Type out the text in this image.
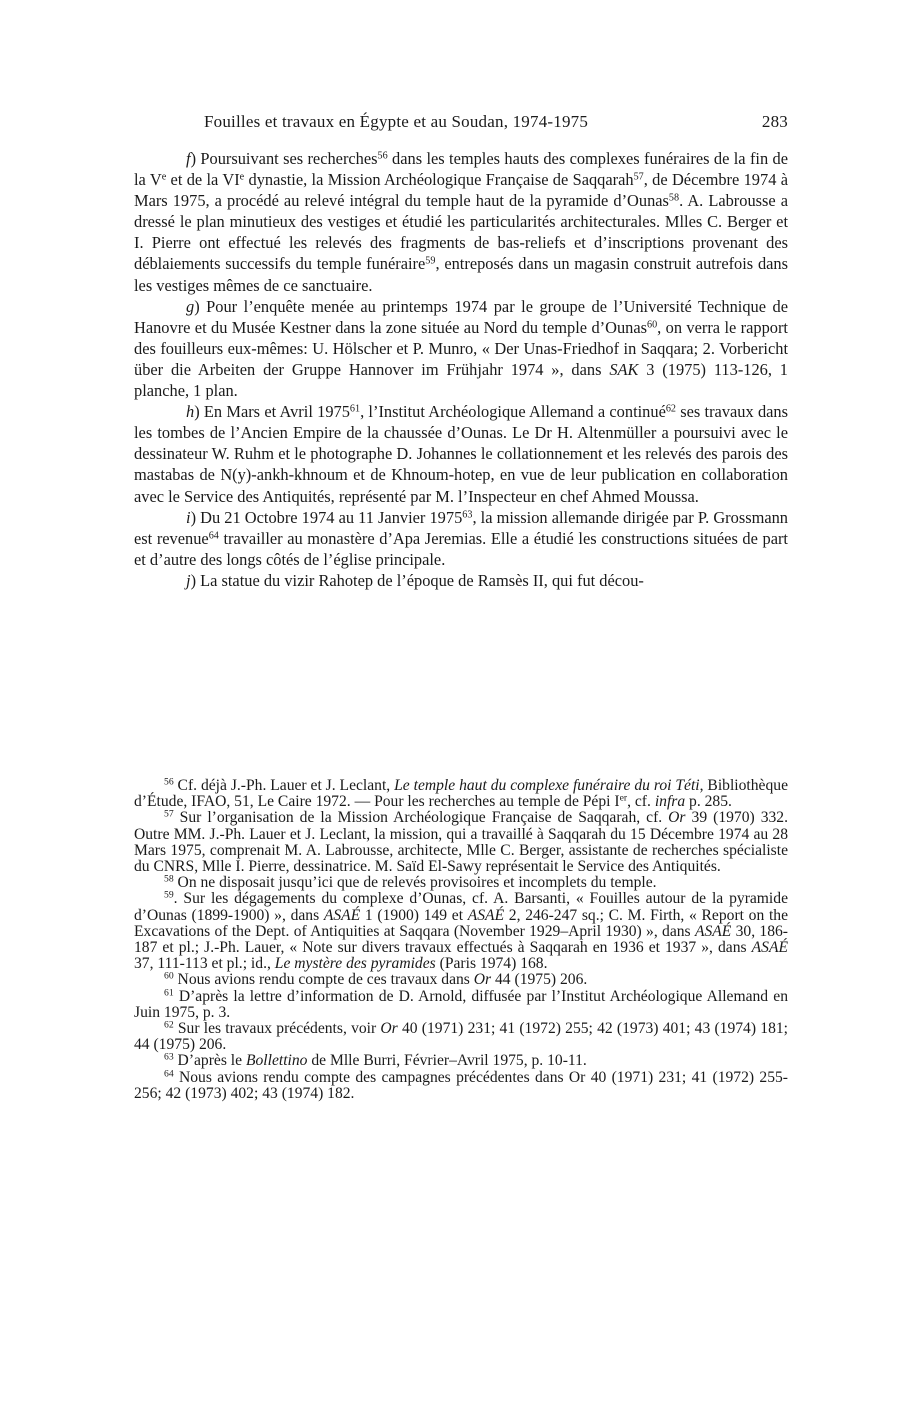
Fouilles et travaux en Égypte et au Soudan, 1974-1975	283

f) Poursuivant ses recherches$^{56}$ dans les temples hauts des complexes funéraires de la fin de la Ve et de la VIe dynastie, la Mission Archéologique Française de Saqqarah$^{57}$, de Décembre 1974 à Mars 1975, a procédé au relevé intégral du temple haut de la pyramide d’Ounas$^{58}$. A. Labrousse a dressé le plan minutieux des vestiges et étudié les particularités architecturales. Mlles C. Berger et I. Pierre ont effectué les relevés des fragments de bas-reliefs et d’inscriptions provenant des déblaiements successifs du temple funéraire$^{59}$, entreposés dans un magasin construit autrefois dans les vestiges mêmes de ce sanctuaire.

g) Pour l’enquête menée au printemps 1974 par le groupe de l’Université Technique de Hanovre et du Musée Kestner dans la zone située au Nord du temple d’Ounas$^{60}$, on verra le rapport des fouilleurs eux-mêmes: U. Hölscher et P. Munro, « Der Unas-Friedhof in Saqqara; 2. Vorbericht über die Arbeiten der Gruppe Hannover im Frühjahr 1974 », dans SAK 3 (1975) 113-126, 1 planche, 1 plan.

h) En Mars et Avril 1975$^{61}$, l’Institut Archéologique Allemand a continué$^{62}$ ses travaux dans les tombes de l’Ancien Empire de la chaussée d’Ounas. Le Dr H. Altenmüller a poursuivi avec le dessinateur W. Ruhm et le photographe D. Johannes le collationnement et les relevés des parois des mastabas de N(y)-ankh-khnoum et de Khnoum-hotep, en vue de leur publication en collaboration avec le Service des Antiquités, représenté par M. l’Inspecteur en chef Ahmed Moussa.

i) Du 21 Octobre 1974 au 11 Janvier 1975$^{63}$, la mission allemande dirigée par P. Grossmann est revenue$^{64}$ travailler au monastère d’Apa Jeremias. Elle a étudié les constructions situées de part et d’autre des longs côtés de l’église principale.

j) La statue du vizir Rahotep de l’époque de Ramsès II, qui fut décou-

$^{56}$ Cf. déjà J.-Ph. Lauer et J. Leclant, Le temple haut du complexe funéraire du roi Téti, Bibliothèque d’Étude, IFAO, 51, Le Caire 1972. — Pour les recherches au temple de Pépi Ier, cf. infra p. 285.

$^{57}$ Sur l’organisation de la Mission Archéologique Française de Saqqarah, cf. Or 39 (1970) 332. Outre MM. J.-Ph. Lauer et J. Leclant, la mission, qui a travaillé à Saqqarah du 15 Décembre 1974 au 28 Mars 1975, comprenait M. A. Labrousse, architecte, Mlle C. Berger, assistante de recherches spécialiste du CNRS, Mlle I. Pierre, dessinatrice. M. Saïd El-Sawy représentait le Service des Antiquités.

$^{58}$ On ne disposait jusqu’ici que de relevés provisoires et incomplets du temple.

$^{59}$. Sur les dégagements du complexe d’Ounas, cf. A. Barsanti, « Fouilles autour de la pyramide d’Ounas (1899-1900) », dans ASAÉ 1 (1900) 149 et ASAÉ 2, 246-247 sq.; C. M. Firth, « Report on the Excavations of the Dept. of Antiquities at Saqqara (November 1929–April 1930) », dans ASAÉ 30, 186-187 et pl.; J.-Ph. Lauer, « Note sur divers travaux effectués à Saqqarah en 1936 et 1937 », dans ASAÉ 37, 111-113 et pl.; id., Le mystère des pyramides (Paris 1974) 168.

$^{60}$ Nous avions rendu compte de ces travaux dans Or 44 (1975) 206.

$^{61}$ D’après la lettre d’information de D. Arnold, diffusée par l’Institut Archéologique Allemand en Juin 1975, p. 3.

$^{62}$ Sur les travaux précédents, voir Or 40 (1971) 231; 41 (1972) 255; 42 (1973) 401; 43 (1974) 181; 44 (1975) 206.

$^{63}$ D’après le Bollettino de Mlle Burri, Février–Avril 1975, p. 10-11.

$^{64}$ Nous avions rendu compte des campagnes précédentes dans Or 40 (1971) 231; 41 (1972) 255-256; 42 (1973) 402; 43 (1974) 182.
